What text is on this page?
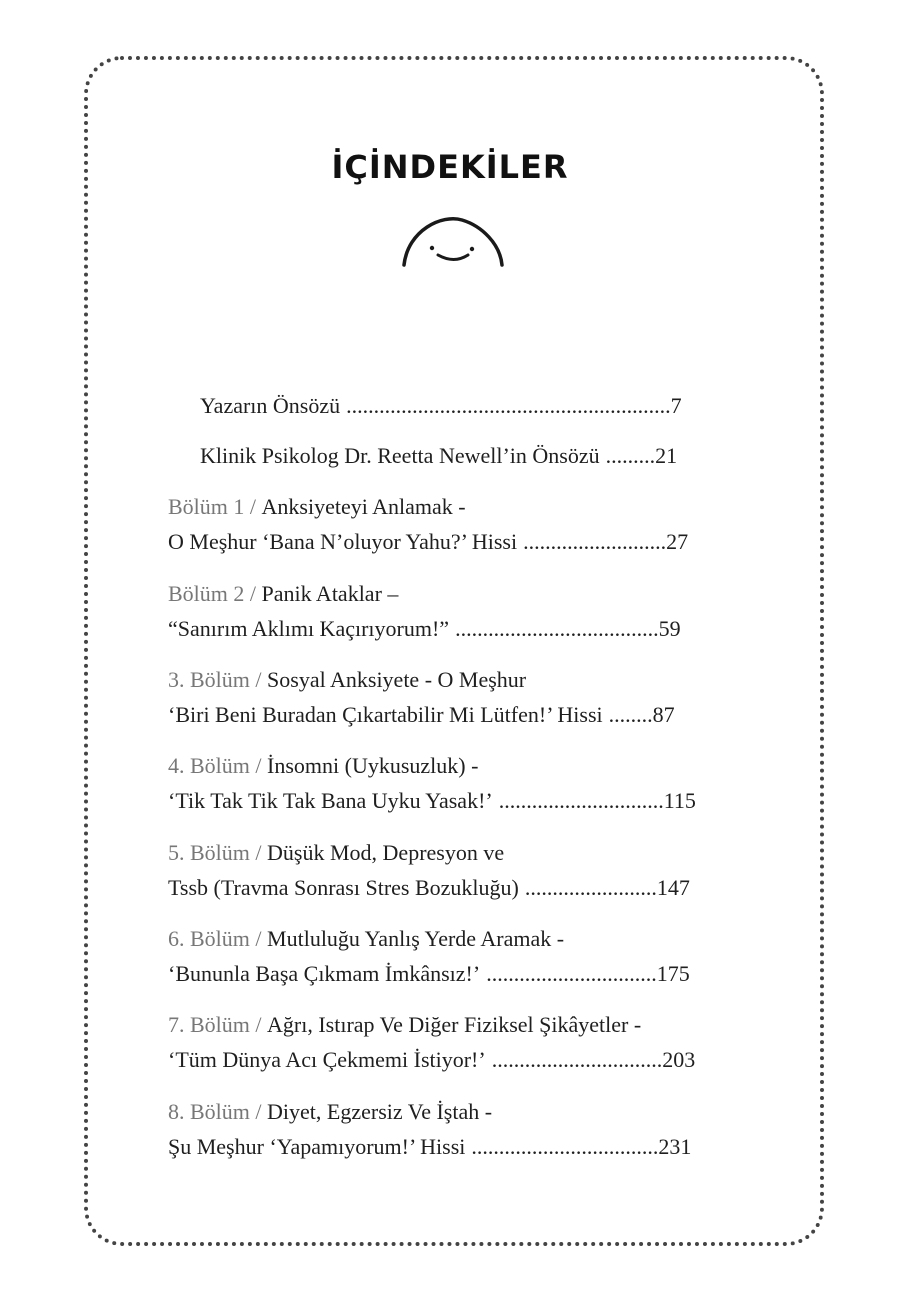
İÇİNDEKİLER
Yazarın Önsözü ........................................................... 7
Klinik Psikolog Dr. Reetta Newell’in Önsözü ......... 21
Bölüm 1 / Anksiyeteyi Anlamak -
O Meşhur ‘Bana N’oluyor Yahu?’ Hissi .......................... 27
Bölüm 2 / Panik Ataklar –
“Sanırım Aklımı Kaçırıyorum!” ..................................... 59
3. Bölüm / Sosyal Anksiyete - O Meşhur
‘Biri Beni Buradan Çıkartabilir Mi Lütfen!’ Hissi ........ 87
4. Bölüm / İnsomni (Uykusuzluk) -
‘Tik Tak Tik Tak Bana Uyku Yasak!’ .............................. 115
5. Bölüm / Düşük Mod, Depresyon ve
Tssb (Travma Sonrası Stres Bozukluğu) ........................ 147
6. Bölüm / Mutluluğu Yanlış Yerde Aramak -
‘Bununla Başa Çıkmam İmkânsız!’ ............................... 175
7. Bölüm / Ağrı, Istırap Ve Diğer Fiziksel Şikâyetler -
‘Tüm Dünya Acı Çekmemi İstiyor!’ ............................... 203
8. Bölüm / Diyet, Egzersiz Ve İştah -
Şu Meşhur ‘Yapamıyorum!’ Hissi .................................. 231
